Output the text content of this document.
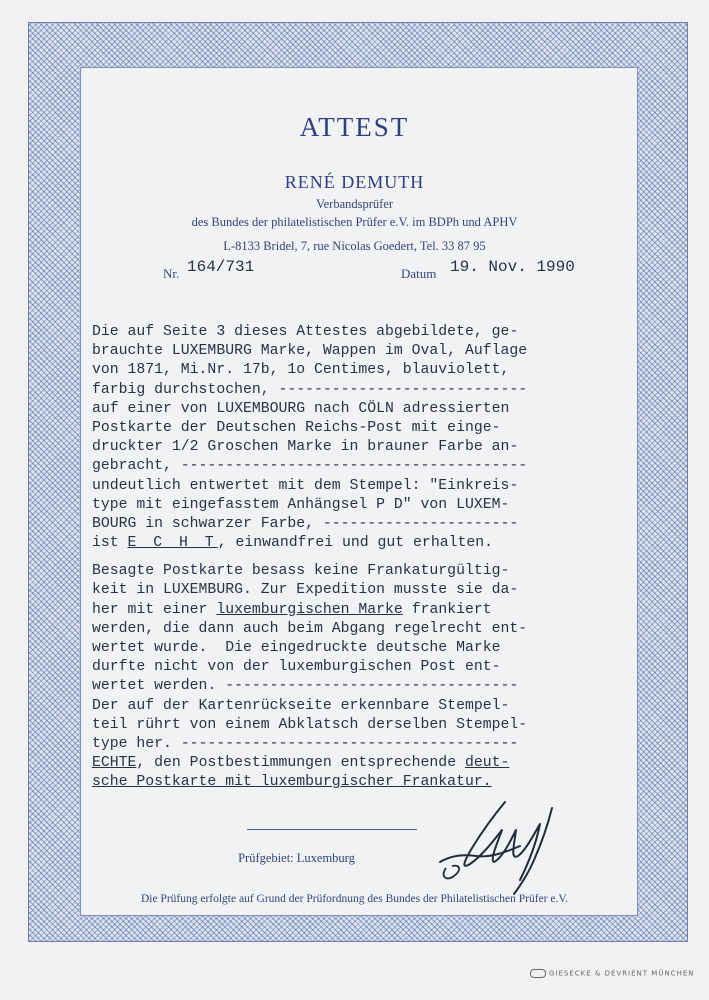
ATTEST
RENÉ DEMUTH
Verbandsprüfer
des Bundes der philatelistischen Prüfer e.V. im BDPh und APHV
L-8133 Bridel, 7, rue Nicolas Goedert, Tel. 33 87 95
Nr. 164/731	Datum 19. Nov. 1990
Die auf Seite 3 dieses Attestes abgebildete, ge-
brauchte LUXEMBURG Marke, Wappen im Oval, Auflage
von 1871, Mi.Nr. 17b, 1o Centimes, blauviolett,
farbig durchstochen, ----------------------------
auf einer von LUXEMBOURG nach CÖLN adressierten
Postkarte der Deutschen Reichs-Post mit einge-
druckter 1/2 Groschen Marke in brauner Farbe an-
gebracht, ---------------------------------------
undeutlich entwertet mit dem Stempel: "Einkreis-
type mit eingefasstem Anhängsel P D" von LUXEM-
BOURG in schwarzer Farbe, ----------------------
ist E C H T, einwandfrei und gut erhalten.
Besagte Postkarte besass keine Frankaturgültig-
keit in LUXEMBURG. Zur Expedition musste sie da-
her mit einer luxemburgischen Marke frankiert
werden, die dann auch beim Abgang regelrecht ent-
wertet wurde.  Die eingedruckte deutsche Marke
durfte nicht von der luxemburgischen Post ent-
wertet werden. ---------------------------------
Der auf der Kartenrückseite erkennbare Stempel-
teil rührt von einem Abklatsch derselben Stempel-
type her. --------------------------------------
ECHTE, den Postbestimmungen entsprechende deut-
sche Postkarte mit luxemburgischer Frankatur.
Prüfgebiet: Luxemburg
Die Prüfung erfolgte auf Grund der Prüfordnung des Bundes der Philatelistischen Prüfer e.V.
GIESECKE & DEVRIENT MÜNCHEN
